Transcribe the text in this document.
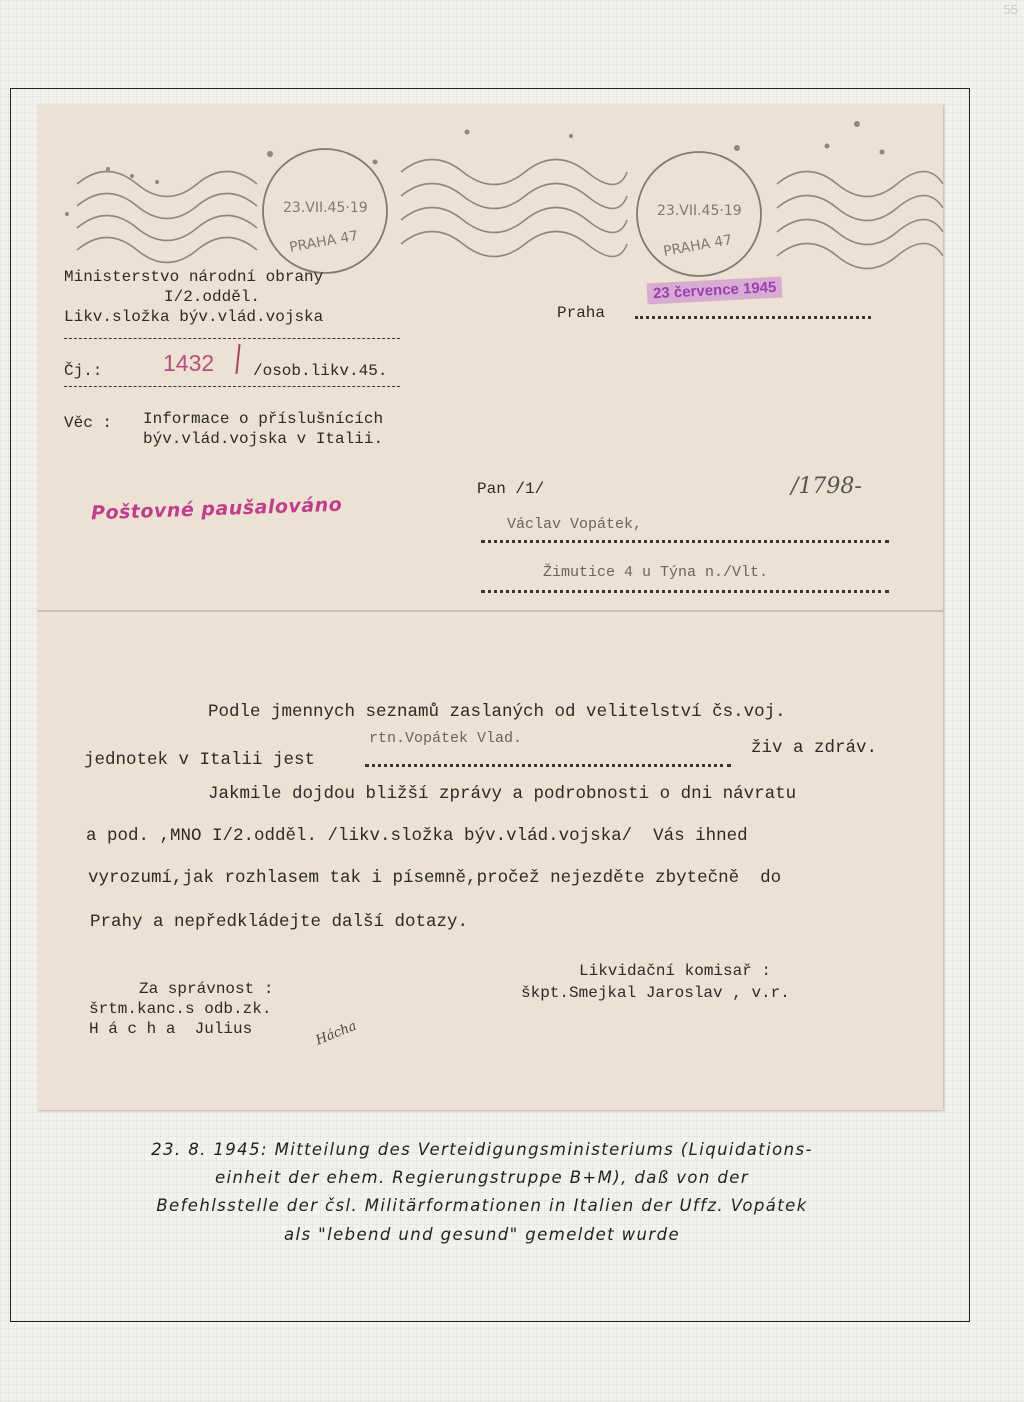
55
23.VII.45·19
PRAHA 47
23.VII.45·19
PRAHA 47
Ministerstvo národní obrany
I/2.odděl.
Likv.složka býv.vlád.vojska
Čj.:	1432 /osob.likv.45.
Praha
23 července 1945
Věc : Informace o příslušnících
býv.vlád.vojska v Italii.
Poštovné paušalováno
Pan /1/	/1798-
Václav Vopátek,
Žimutice 4 u Týna n./Vlt.
Podle jmennych seznamů zaslaných od velitelství čs.voj.
jednotek v Italii jest
rtn.Vopátek Vlad.	živ a zdráv.
Jakmile dojdou bližší zprávy a podrobnosti o dni návratu
a pod. ,MNO I/2.odděl. /likv.složka býv.vlád.vojska/  Vás ihned
vyrozumí,jak rozhlasem tak i písemně,pročež nejezděte zbytečně  do
Prahy a nepředkládejte další dotazy.
Za správnost :
šrtm.kanc.s odb.zk.
H á c h a  Julius	Hácha
Likvidační komisař :
škpt.Smejkal Jaroslav , v.r.
23. 8. 1945: Mitteilung des Verteidigungsministeriums (Liquidations-
einheit der ehem. Regierungstruppe B+M), daß von der
Befehlsstelle der čsl. Militärformationen in Italien der Uffz. Vopátek
als "lebend und gesund" gemeldet wurde
